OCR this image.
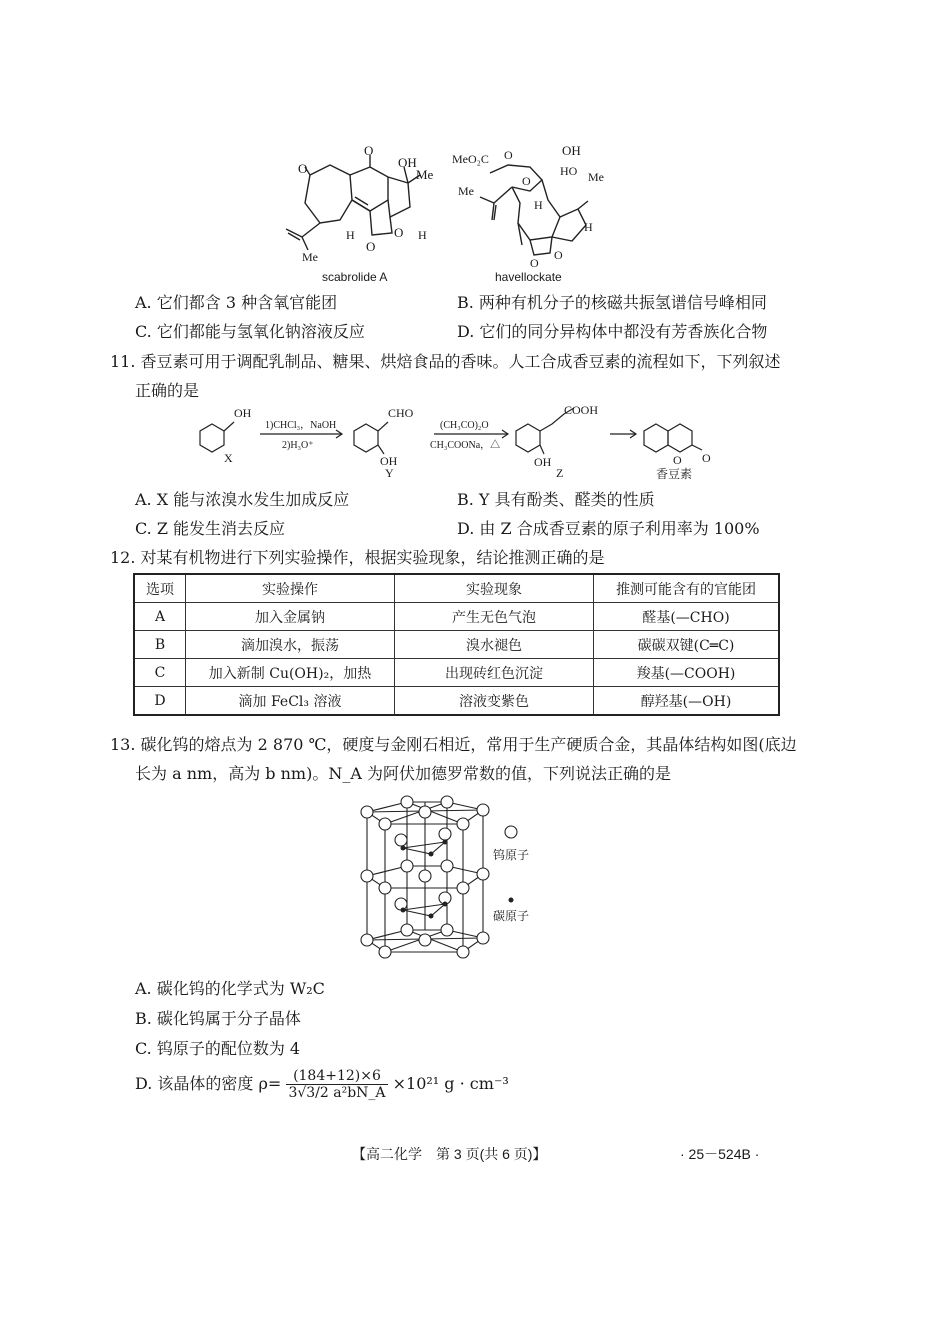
O
O
OH
Me
H	H
O
O
Me
scabrolide A
MeO₂C O	OH
O
HO Me
Me
H
H
O
O
havellockate
A. 它们都含 3 种含氧官能团	B. 两种有机分子的核磁共振氢谱信号峰相同
C. 它们都能与氢氧化钠溶液反应	D. 它们的同分异构体中都没有芳香族化合物
11. 香豆素可用于调配乳制品、糖果、烘焙食品的香味。人工合成香豆素的流程如下，下列叙述
正确的是
OH
X
1)CHCl₃，NaOH
2)H₃O⁺
CHO
OH
Y
(CH₃CO)₂O
CH₃COONa，△
COOH
OH
Z
O O
香豆素
A. X 能与浓溴水发生加成反应	B. Y 具有酚类、醛类的性质
C. Z 能发生消去反应	D. 由 Z 合成香豆素的原子利用率为 100%
12. 对某有机物进行下列实验操作，根据实验现象，结论推测正确的是
选项	实验操作	实验现象	推测可能含有的官能团
A	加入金属钠	产生无色气泡	醛基(—CHO)
B	滴加溴水，振荡	溴水褪色	碳碳双键(C═C)
C	加入新制 Cu(OH)₂，加热	出现砖红色沉淀	羧基(—COOH)
D	滴加 FeCl₃ 溶液	溶液变紫色	醇羟基(—OH)
13. 碳化钨的熔点为 2 870 ℃，硬度与金刚石相近，常用于生产硬质合金，其晶体结构如图(底边
长为 a nm，高为 b nm)。N_A 为阿伏加德罗常数的值，下列说法正确的是
钨原子
碳原子
A. 碳化钨的化学式为 W₂C
B. 碳化钨属于分子晶体
C. 钨原子的配位数为 4
D. 该晶体的密度 $\rho= \frac{(184+12)\times 6}{\text{3√3/2 a²bN\_A}} \times 10^{21}$ g · cm⁻³
【高二化学　第 3 页(共 6 页)】	· 25－524B ·
